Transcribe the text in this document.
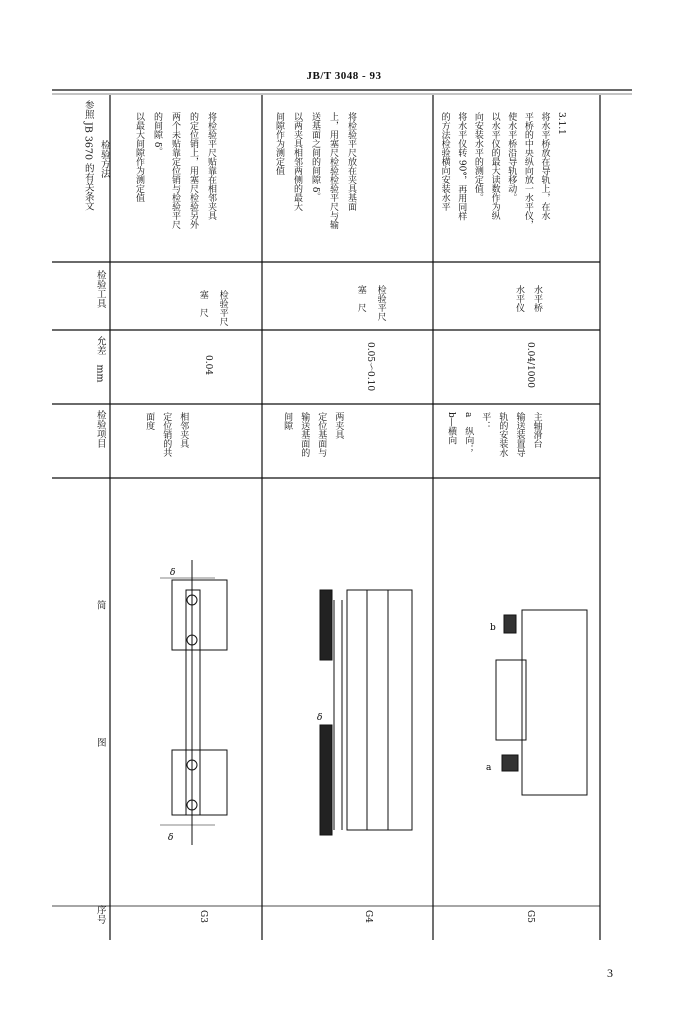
JB/T 3048 - 93
序号
简　　　　图
检验项目
允差　mm
检验工具
检验方法
参照 JB 3670 的有关条文
G3
相邻夹具
定位销的共
面度
0.04
检验平尺
塞　尺
将检验平尺贴靠在相邻夹具
的定位销上，用塞尺检验另外
两个未贴靠定位销与检验平尺
的间隙 δ。
以最大间隙作为测定值
G4
两夹具
定位基面与
输送基面的
间隙
0.05～0.10
检验平尺
塞　尺
将检验平尺放在夹具基面
上，用塞尺检验检验平尺与输
送基面之间的间隙 δ。
以两夹具相邻两侧的最大
间隙作为测定值
G5
主轴滑台
输送装置导
轨的安装水
平：
a　纵向；
b—横向
0.04/1000
水平桥
水平仪
3.1.1
将水平桥放在导轨上，在水
平桥的中央纵向放一水平仪，
使水平桥沿导轨移动。
以水平仪的最大读数作为纵
向安装水平的测定值。
将水平仪转 90°，再用同样
的方法检验横向安装水平
δ
δ
δ
b
a
3
